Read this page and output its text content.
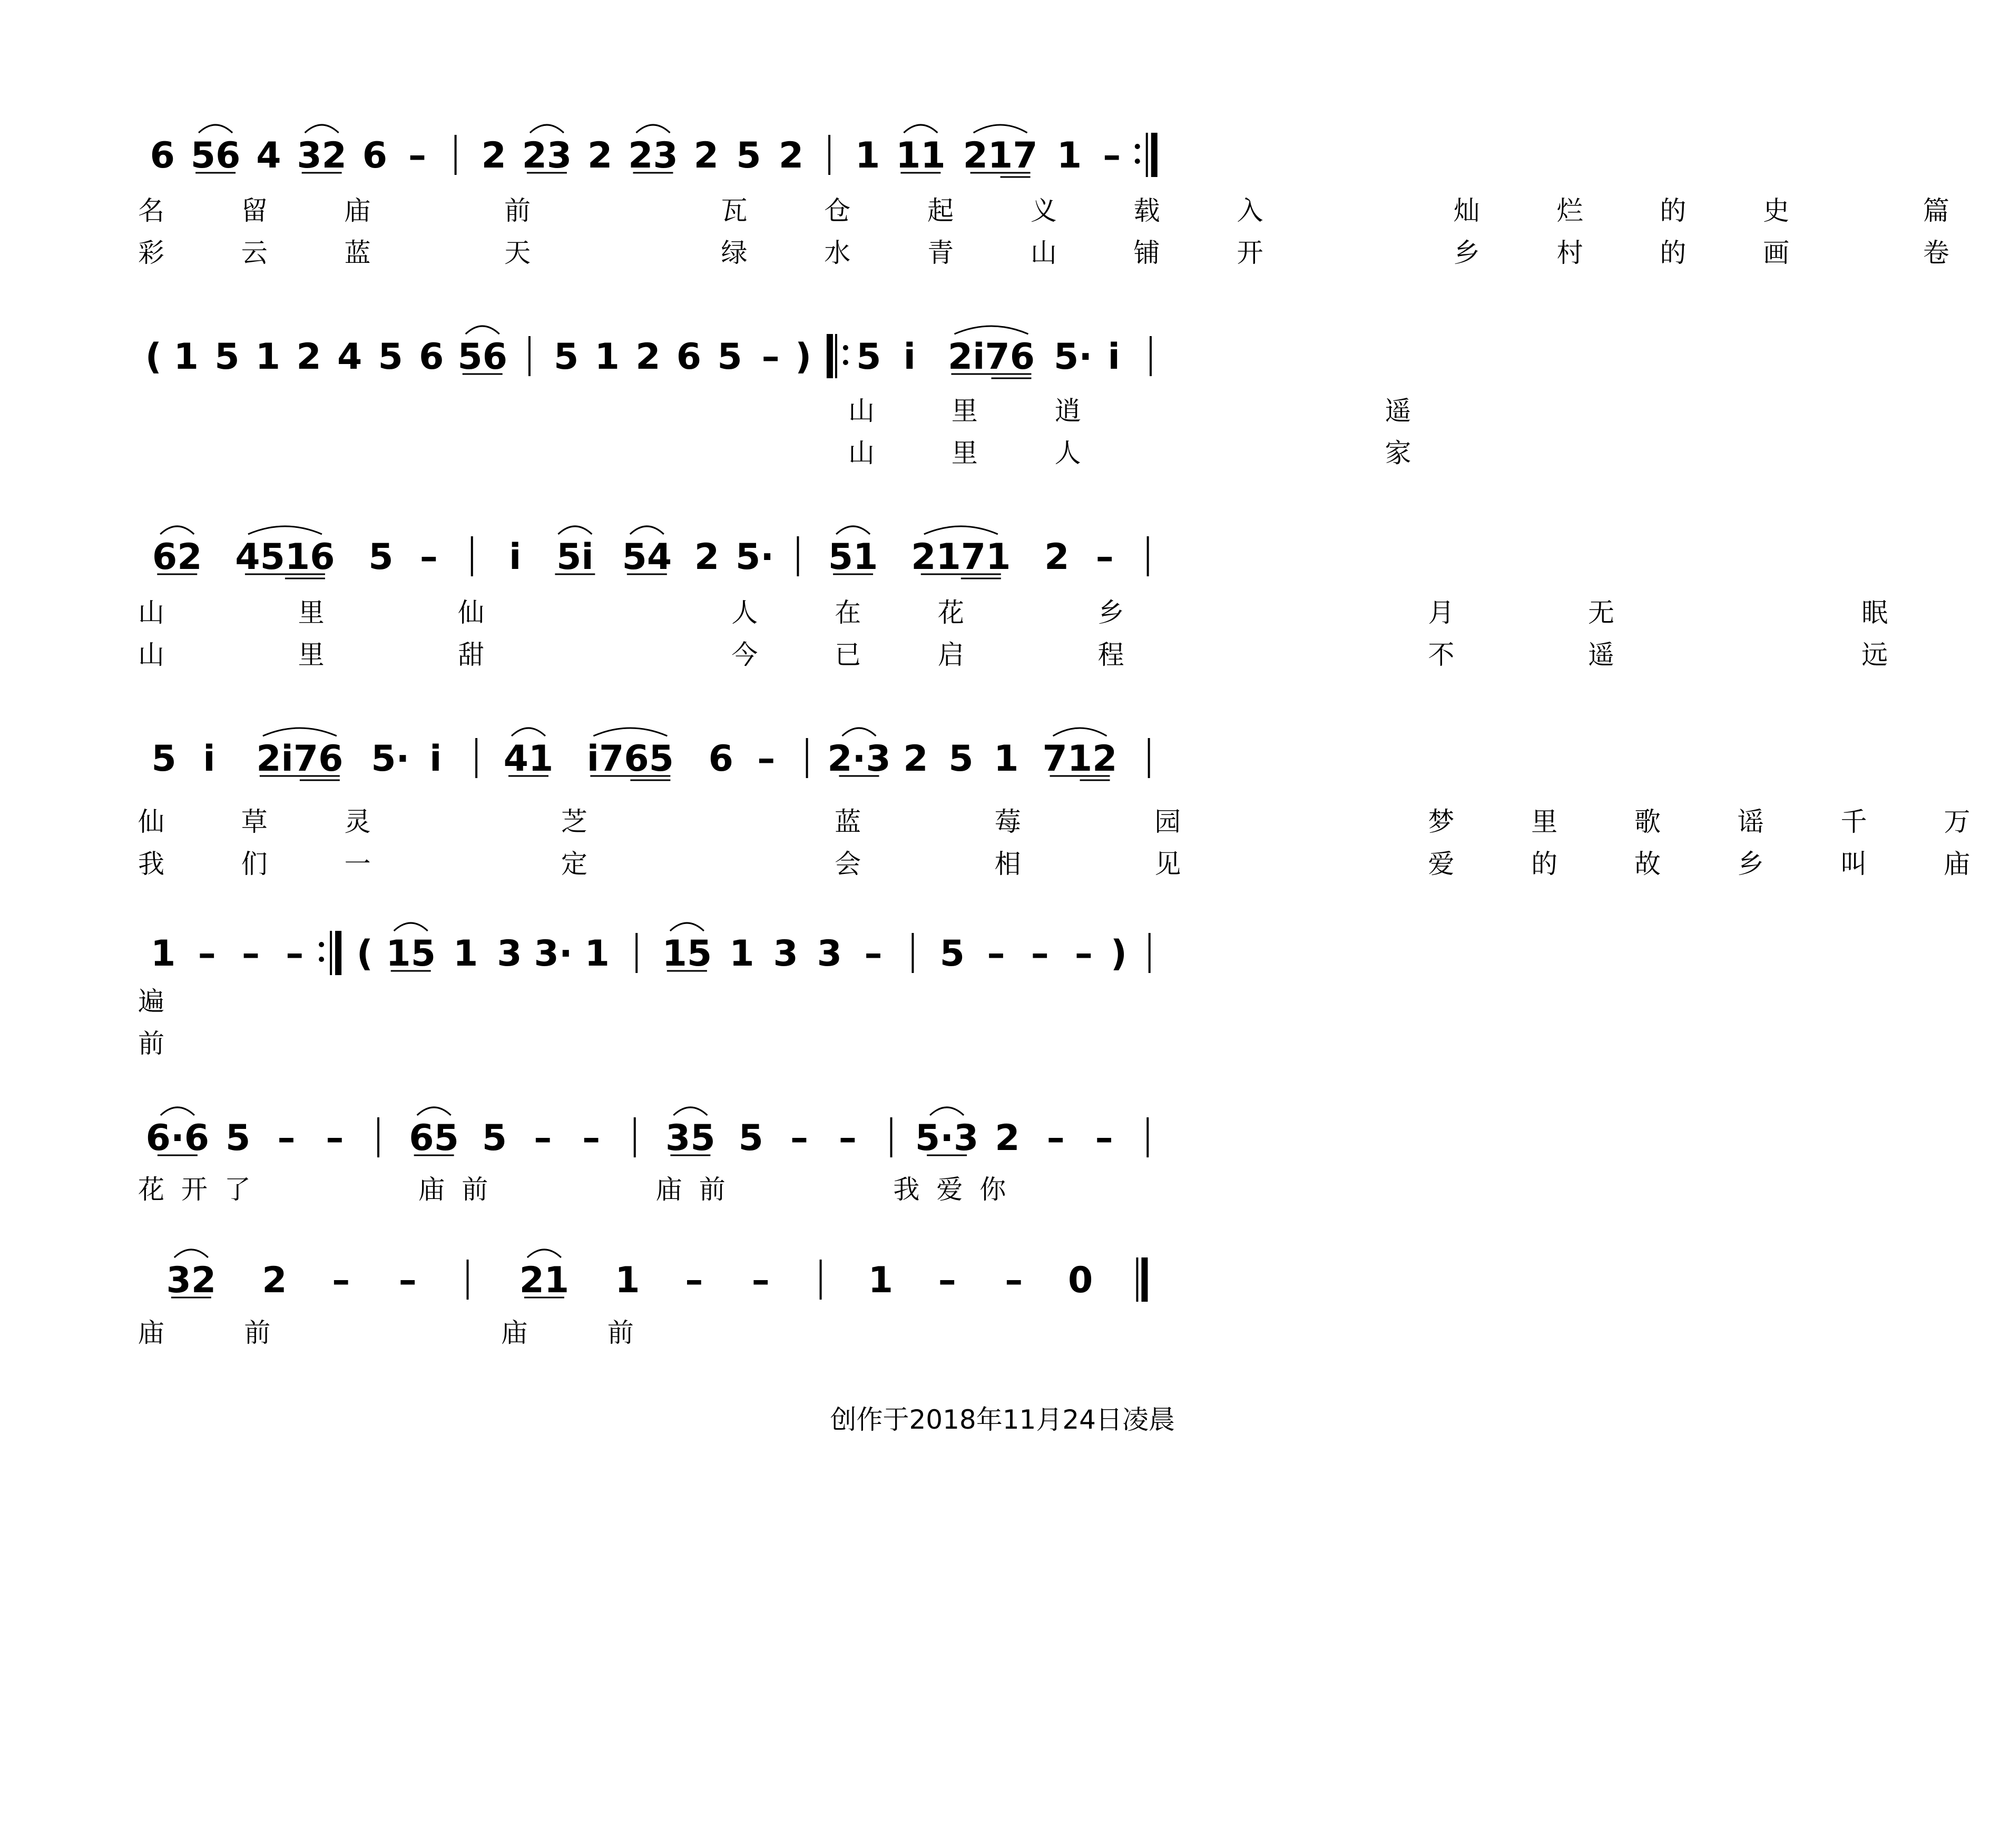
6 56 4 32 6 – 2 23 2 23 2 5 2 1 11 217 1 –
( 1 5 1 2 4 5 6 56 5 1 2 6 5 – ) 5 i 2i76 5· i
62 4516 5 – i 5i 54 2 5· 51 2171 2 –
5 i 2i76 5· i 41 i765 6 – 2·3 2 5 1 712
1 – – – ( 15 1 3 3· 1 15 1 3 3 – 5 – – – )
6·6 5 – – 65 5 – – 35 5 – – 5·3 2 – –
32 2 – –	21 1 – –	1 – – 0
名  留  庙    前      瓦  仓  起  义  载  入      灿  烂  的  史    篇
彩  云  蓝    天      绿  水  青  山  铺  开      乡  村  的  画    卷
山  里  逍          遥
山  里  人          家
山    里    仙        人  在  花    乡          月    无        眠
山    里    甜        今  已  启    程          不    遥        远
仙  草  灵      芝        蓝    莓    园        梦  里  歌  谣  千  万
我  们  一      定        会    相    见        爱  的  故  乡  叫  庙
遍
前
花 开 了             庙 前             庙 前             我 爱 你
庙      前                  庙      前
创作于2018年11月24日凌晨
